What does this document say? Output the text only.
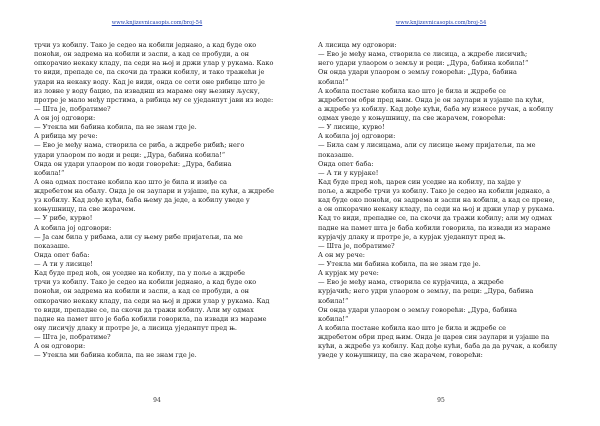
www.knjizevnicasopis.com/broj-54

трчи уз кобилу. Тако је седео на кобили једнано, а кад буде око

поноћи, он задрема на кобили и заспи, а кад се пробуди, а он

опкорачио некаку кладу, па седи на њој и држи улар у рукама. Како

то види, препаде се, па скочи да тражи кобилу, и тако тражећи је

удари на некаку воду. Кад је види, онда се сети оне рибице што је

из ловне у воду бацио, па изваднш из мараме ону њезину љуску,

протре је мало међу прстима, а рибица му се уједанпут јави из воде:

— Шта је, побратиме?

А он јој одговори:

— Утекла ми бабина кобила, па не знам где је.

А рибица му рече:

— Ево је међу нама, створила се риба, а ждребе рибић; него

удари улаором по води и реци: „Дура, бабина кобила!“

Онда он удари улаором по води говорећи: „Дура, бабина

кобила!“

А она одмах постане кобила као што је била и изиђе са

ждребетом на обалу. Онда је он заулари и узјаше, па кући, а ждребе

уз кобилу. Кад дође кући, баба њему да једе, а кобилу уведе у

коњушницу, па све жарачем.

— У рибе, курво!

А кобила јој одговори:

— Ја сам била у рибама, али су њему рибе пријатељи, па ме

показаше.

Онда опет баба:

— А ти у лисице!

Кад буде пред ноћ, он уседне на кобилу, па у поље а ждребе

трчи уз кобилу. Тако је седео на кобили једнано, а кад буде око

поноћи, он задрема на кобили и заспи, а кад се пробуди, а он

опкорачио некаку кладу, па седи на њој и држи улар у рукама. Кад

то види, препадне се, па скочи да тражи кобилу. Али му одмах

падне на памет што је баба кобили говорила, па извади из мараме

ону лисичју длаку и протре је, а лисица уједанпут пред њ.

— Шта је, побратиме?

А он одговори:

— Утекла ми бабина кобила, па не знам где је.

94
www.knjizevnicasopis.com/broj-54

А лисица му одговори:

— Ево је међу нама, створила се лисица, а ждребе лисичић;

него удари улаором о земљу и реци: „Дура, бабина кобила!“

Он онда удари улаором о земљу говорећи: „Дура, бабина

кобила!“

А кобила постане кобила као што је била и ждребе се

ждребетом обри пред њим. Онда је он заулари и узјаше па кући,

а ждребе уз кобилу. Кад дође кући, баба му изнесе ручак, а кобилу

одмах уведе у коњушницу, па све жарачем, говорећи:

— У лисице, курво!

А кобила јој одговори:

— Била сам у лисицама, али су лисице њему пријатељи, па ме

показаше.

Онда опет баба:

— А ти у курјаке!

Кад буде пред ноћ, царев син уседне на кобилу, па хајде у

поље, а ждребе трчи уз кобилу. Тако је седео на кобили једнако, а

кад буде око поноћи, он задрема и заспи на кобили, а кад се прене,

а он опкорачио некаку кладу, па седи на њој и држи улар у рукама.

Кад то види, препадне се, па скочи да тражи кобилу; али му одмах

падне на памет шта је баба кобили говорила, па извади из мараме

курјачју длаку и протре је, а курјак уједанпут пред њ.

— Шта је, побратиме?

А он му рече:

— Утекла ми бабина кобила, па не знам где је.

А курјак му рече:

— Ево је међу нама, створила се курјачица, а ждребе

курјачић; него удри улаором о земљу, па реци: „Дура, бабина

кобила!“

Он онда удари улаором о земљу говорећи: „Дура, бабина

кобила!“

А кобила постане кобила као што је била и ждребе се

ждребетом обри пред њим. Онда је царев син заулари и узјаше па

кући, а ждребе уз кобилу. Кад дође кући, баба да да ручак, а кобилу

уведе у коњушницу, па све жарачем, говорећи:

95
